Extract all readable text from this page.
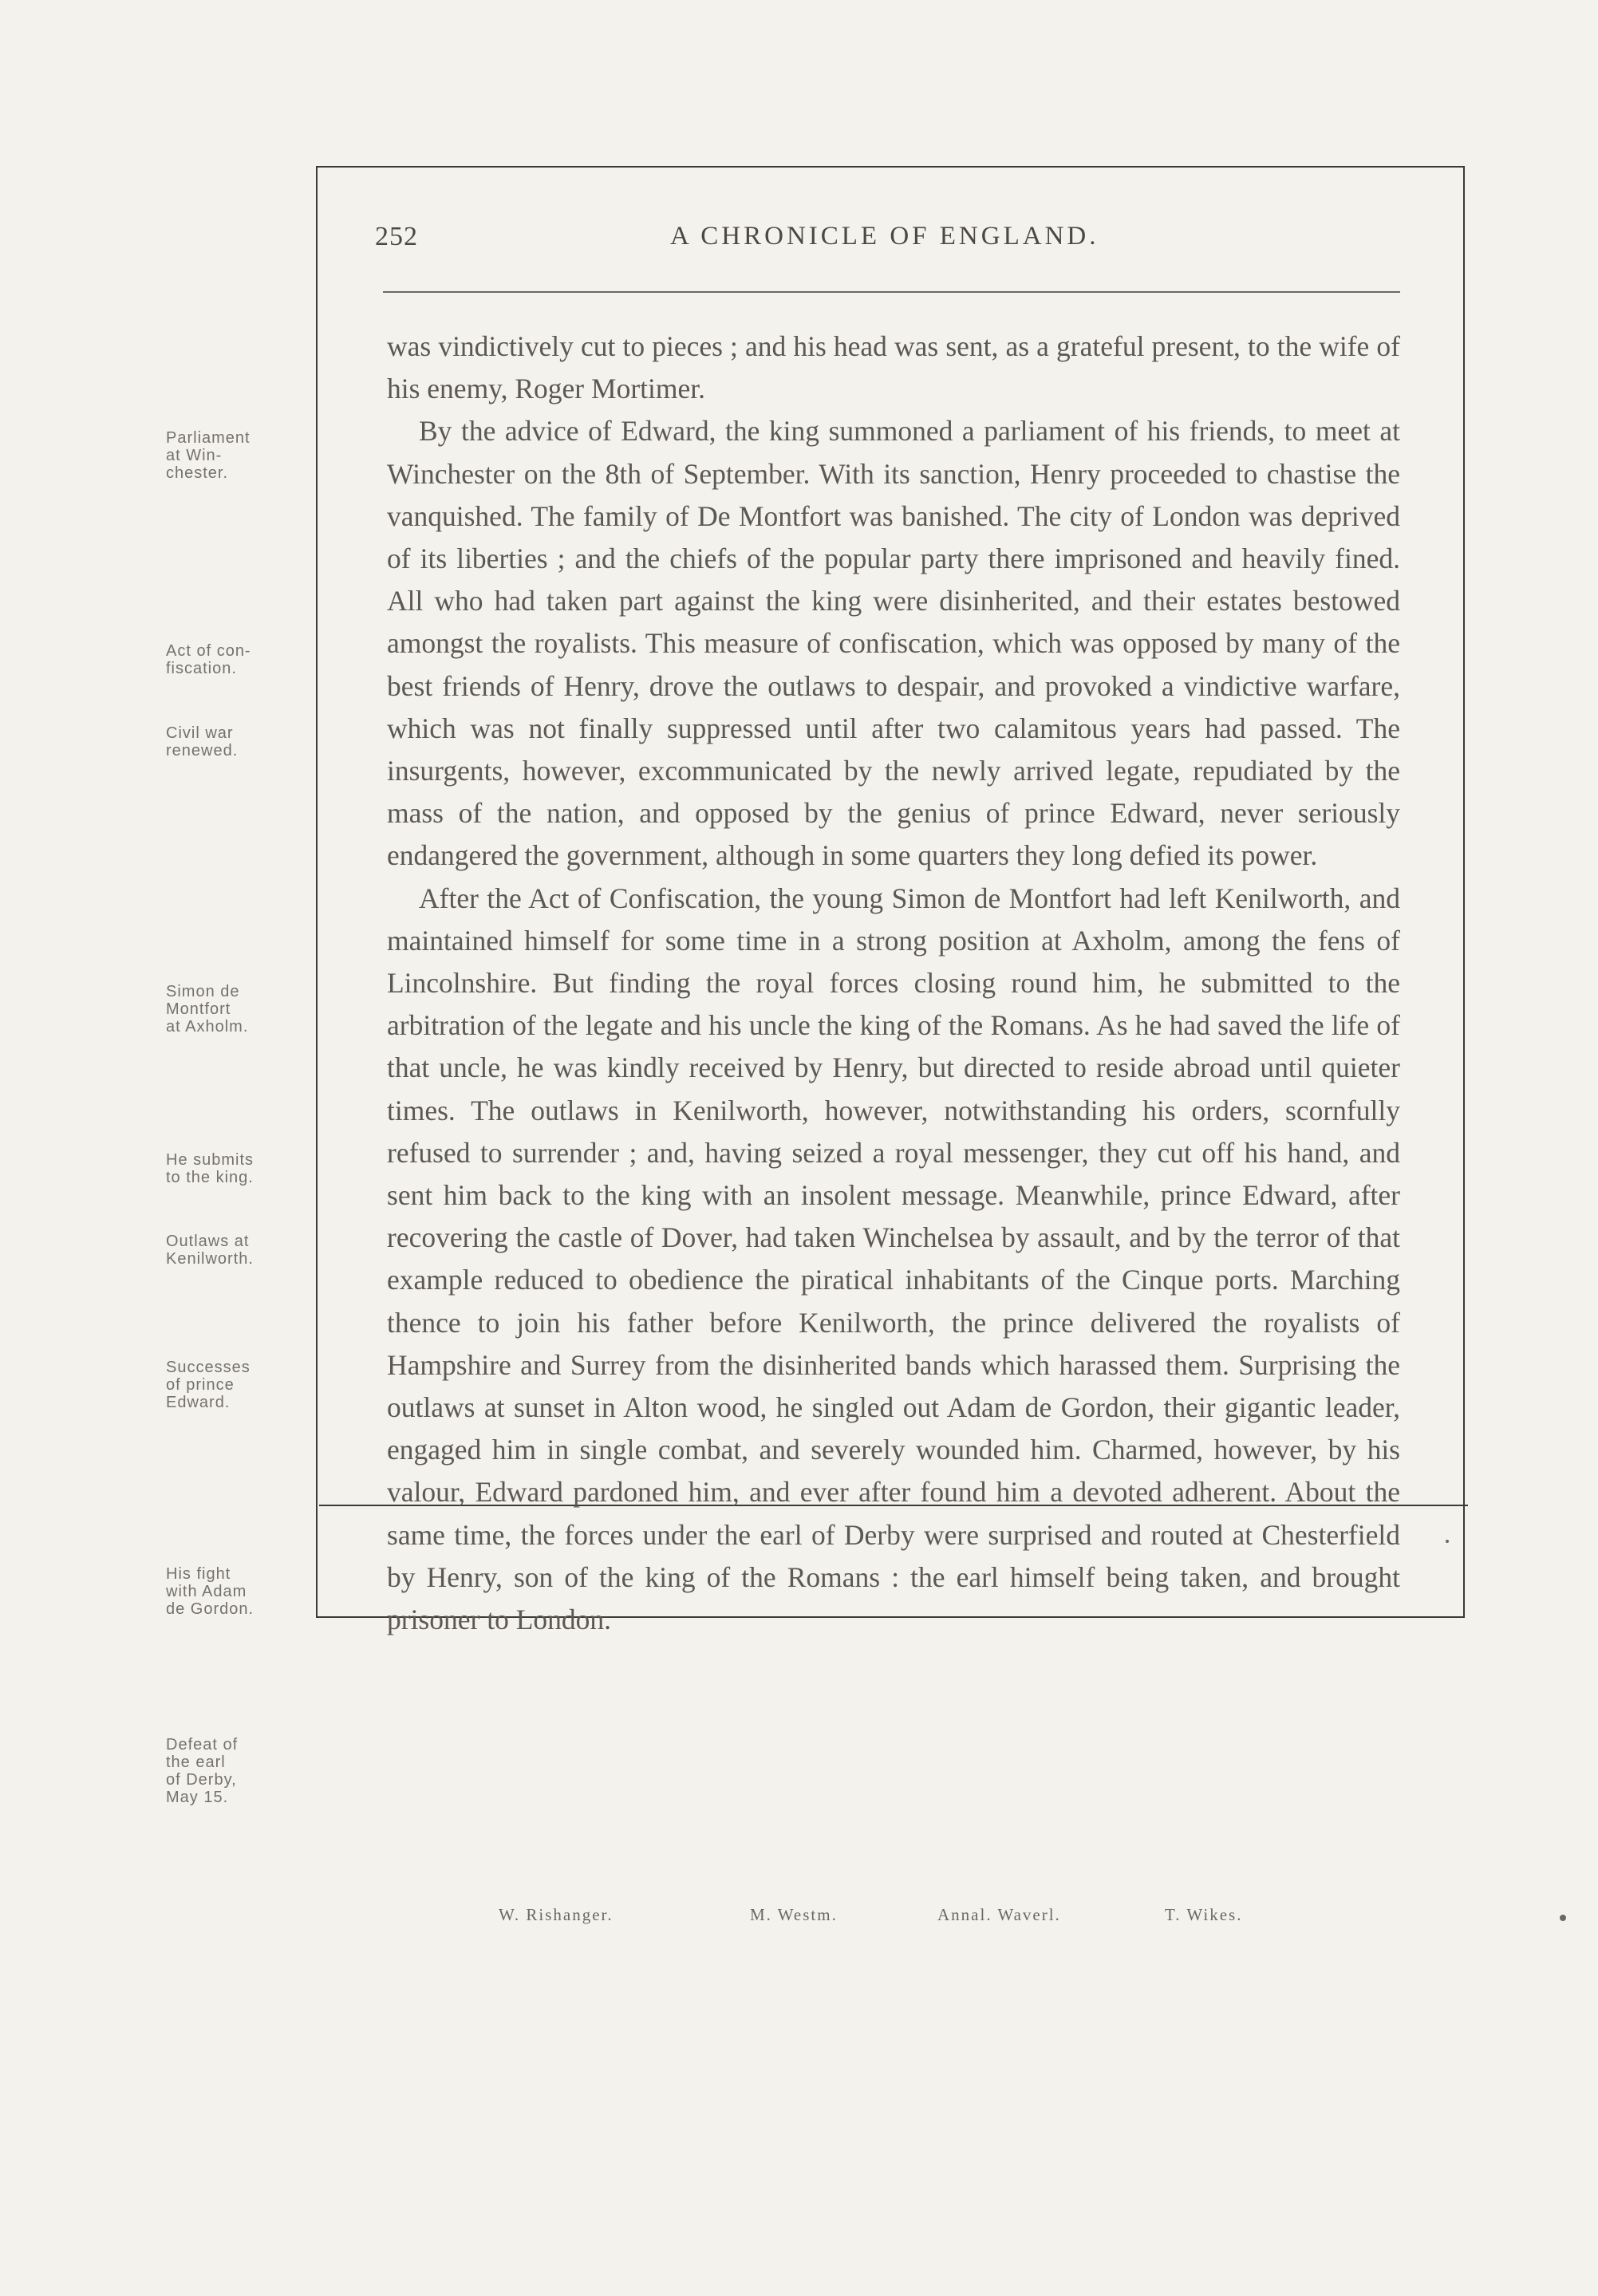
252	A CHRONICLE OF ENGLAND.
Parliament
at Win-
chester.
Act of con-
fiscation.
Civil war
renewed.
Simon de
Montfort
at Axholm.
He submits
to the king.
Outlaws at
Kenilworth.
Successes
of prince
Edward.
His fight
with Adam
de Gordon.
Defeat of
the earl
of Derby,
May 15.

was vindictively cut to pieces ; and his head was sent, as a grateful present, to the wife of his enemy, Roger Mortimer.

By the advice of Edward, the king summoned a parliament of his friends, to meet at Winchester on the 8th of September. With its sanction, Henry proceeded to chastise the vanquished. The family of De Montfort was banished. The city of London was deprived of its liberties ; and the chiefs of the popular party there imprisoned and heavily fined. All who had taken part against the king were disinherited, and their estates bestowed amongst the royalists. This measure of confiscation, which was opposed by many of the best friends of Henry, drove the outlaws to despair, and provoked a vindictive warfare, which was not finally suppressed until after two calamitous years had passed. The insurgents, however, excommunicated by the newly arrived legate, repudiated by the mass of the nation, and opposed by the genius of prince Edward, never seriously endangered the government, although in some quarters they long defied its power.

After the Act of Confiscation, the young Simon de Montfort had left Kenilworth, and maintained himself for some time in a strong position at Axholm, among the fens of Lincolnshire. But finding the royal forces closing round him, he submitted to the arbitration of the legate and his uncle the king of the Romans. As he had saved the life of that uncle, he was kindly received by Henry, but directed to reside abroad until quieter times. The outlaws in Kenilworth, however, notwithstanding his orders, scornfully refused to surrender ; and, having seized a royal messenger, they cut off his hand, and sent him back to the king with an insolent message. Meanwhile, prince Edward, after recovering the castle of Dover, had taken Winchelsea by assault, and by the terror of that example reduced to obedience the piratical inhabitants of the Cinque ports. Marching thence to join his father before Kenilworth, the prince delivered the royalists of Hampshire and Surrey from the disinherited bands which harassed them. Surprising the outlaws at sunset in Alton wood, he singled out Adam de Gordon, their gigantic leader, engaged him in single combat, and severely wounded him. Charmed, however, by his valour, Edward pardoned him, and ever after found him a devoted adherent. About the same time, the forces under the earl of Derby were surprised and routed at Chesterfield by Henry, son of the king of the Romans : the earl himself being taken, and brought prisoner to London.

W. Rishanger.	M. Westm.	Annal. Waverl.	T. Wikes.
